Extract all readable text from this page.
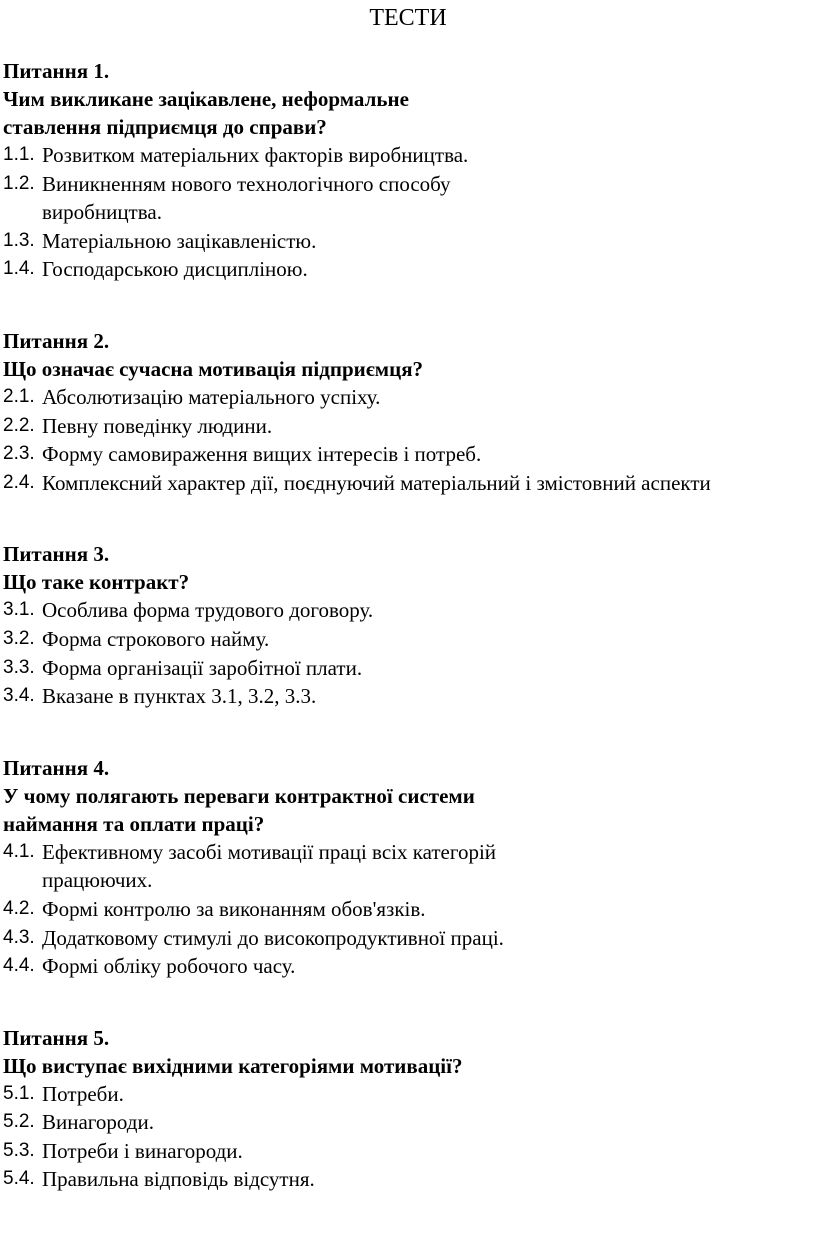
ТЕСТИ
Питання 1.
Чим викликане зацікавлене, неформальне
ставлення підприємця до справи?
1.1. Розвитком матеріальних факторів виробництва.
1.2. Виникненням нового технологічного способу виробництва.
1.3. Матеріальною зацікавленістю.
1.4. Господарською дисципліною.
Питання 2.
Що означає сучасна мотивація підприємця?
2.1. Абсолютизацію матеріального успіху.
2.2. Певну поведінку людини.
2.3. Форму самовираження вищих інтересів і потреб.
2.4. Комплексний характер дії, поєднуючий матеріальний і змістовний аспекти
Питання 3.
Що таке контракт?
3.1. Особлива форма трудового договору.
3.2. Форма строкового найму.
3.3. Форма організації заробітної плати.
3.4. Вказане в пунктах 3.1, 3.2, 3.3.
Питання 4.
У чому полягають переваги контрактної системи
наймання та оплати праці?
4.1. Ефективному засобі мотивації праці всіх категорій працюючих.
4.2. Формі контролю за виконанням обов'язків.
4.3. Додатковому стимулі до високопродуктивної праці.
4.4. Формі обліку робочого часу.
Питання 5.
Що виступає вихідними категоріями мотивації?
5.1. Потреби.
5.2. Винагороди.
5.3. Потреби і винагороди.
5.4. Правильна відповідь відсутня.
